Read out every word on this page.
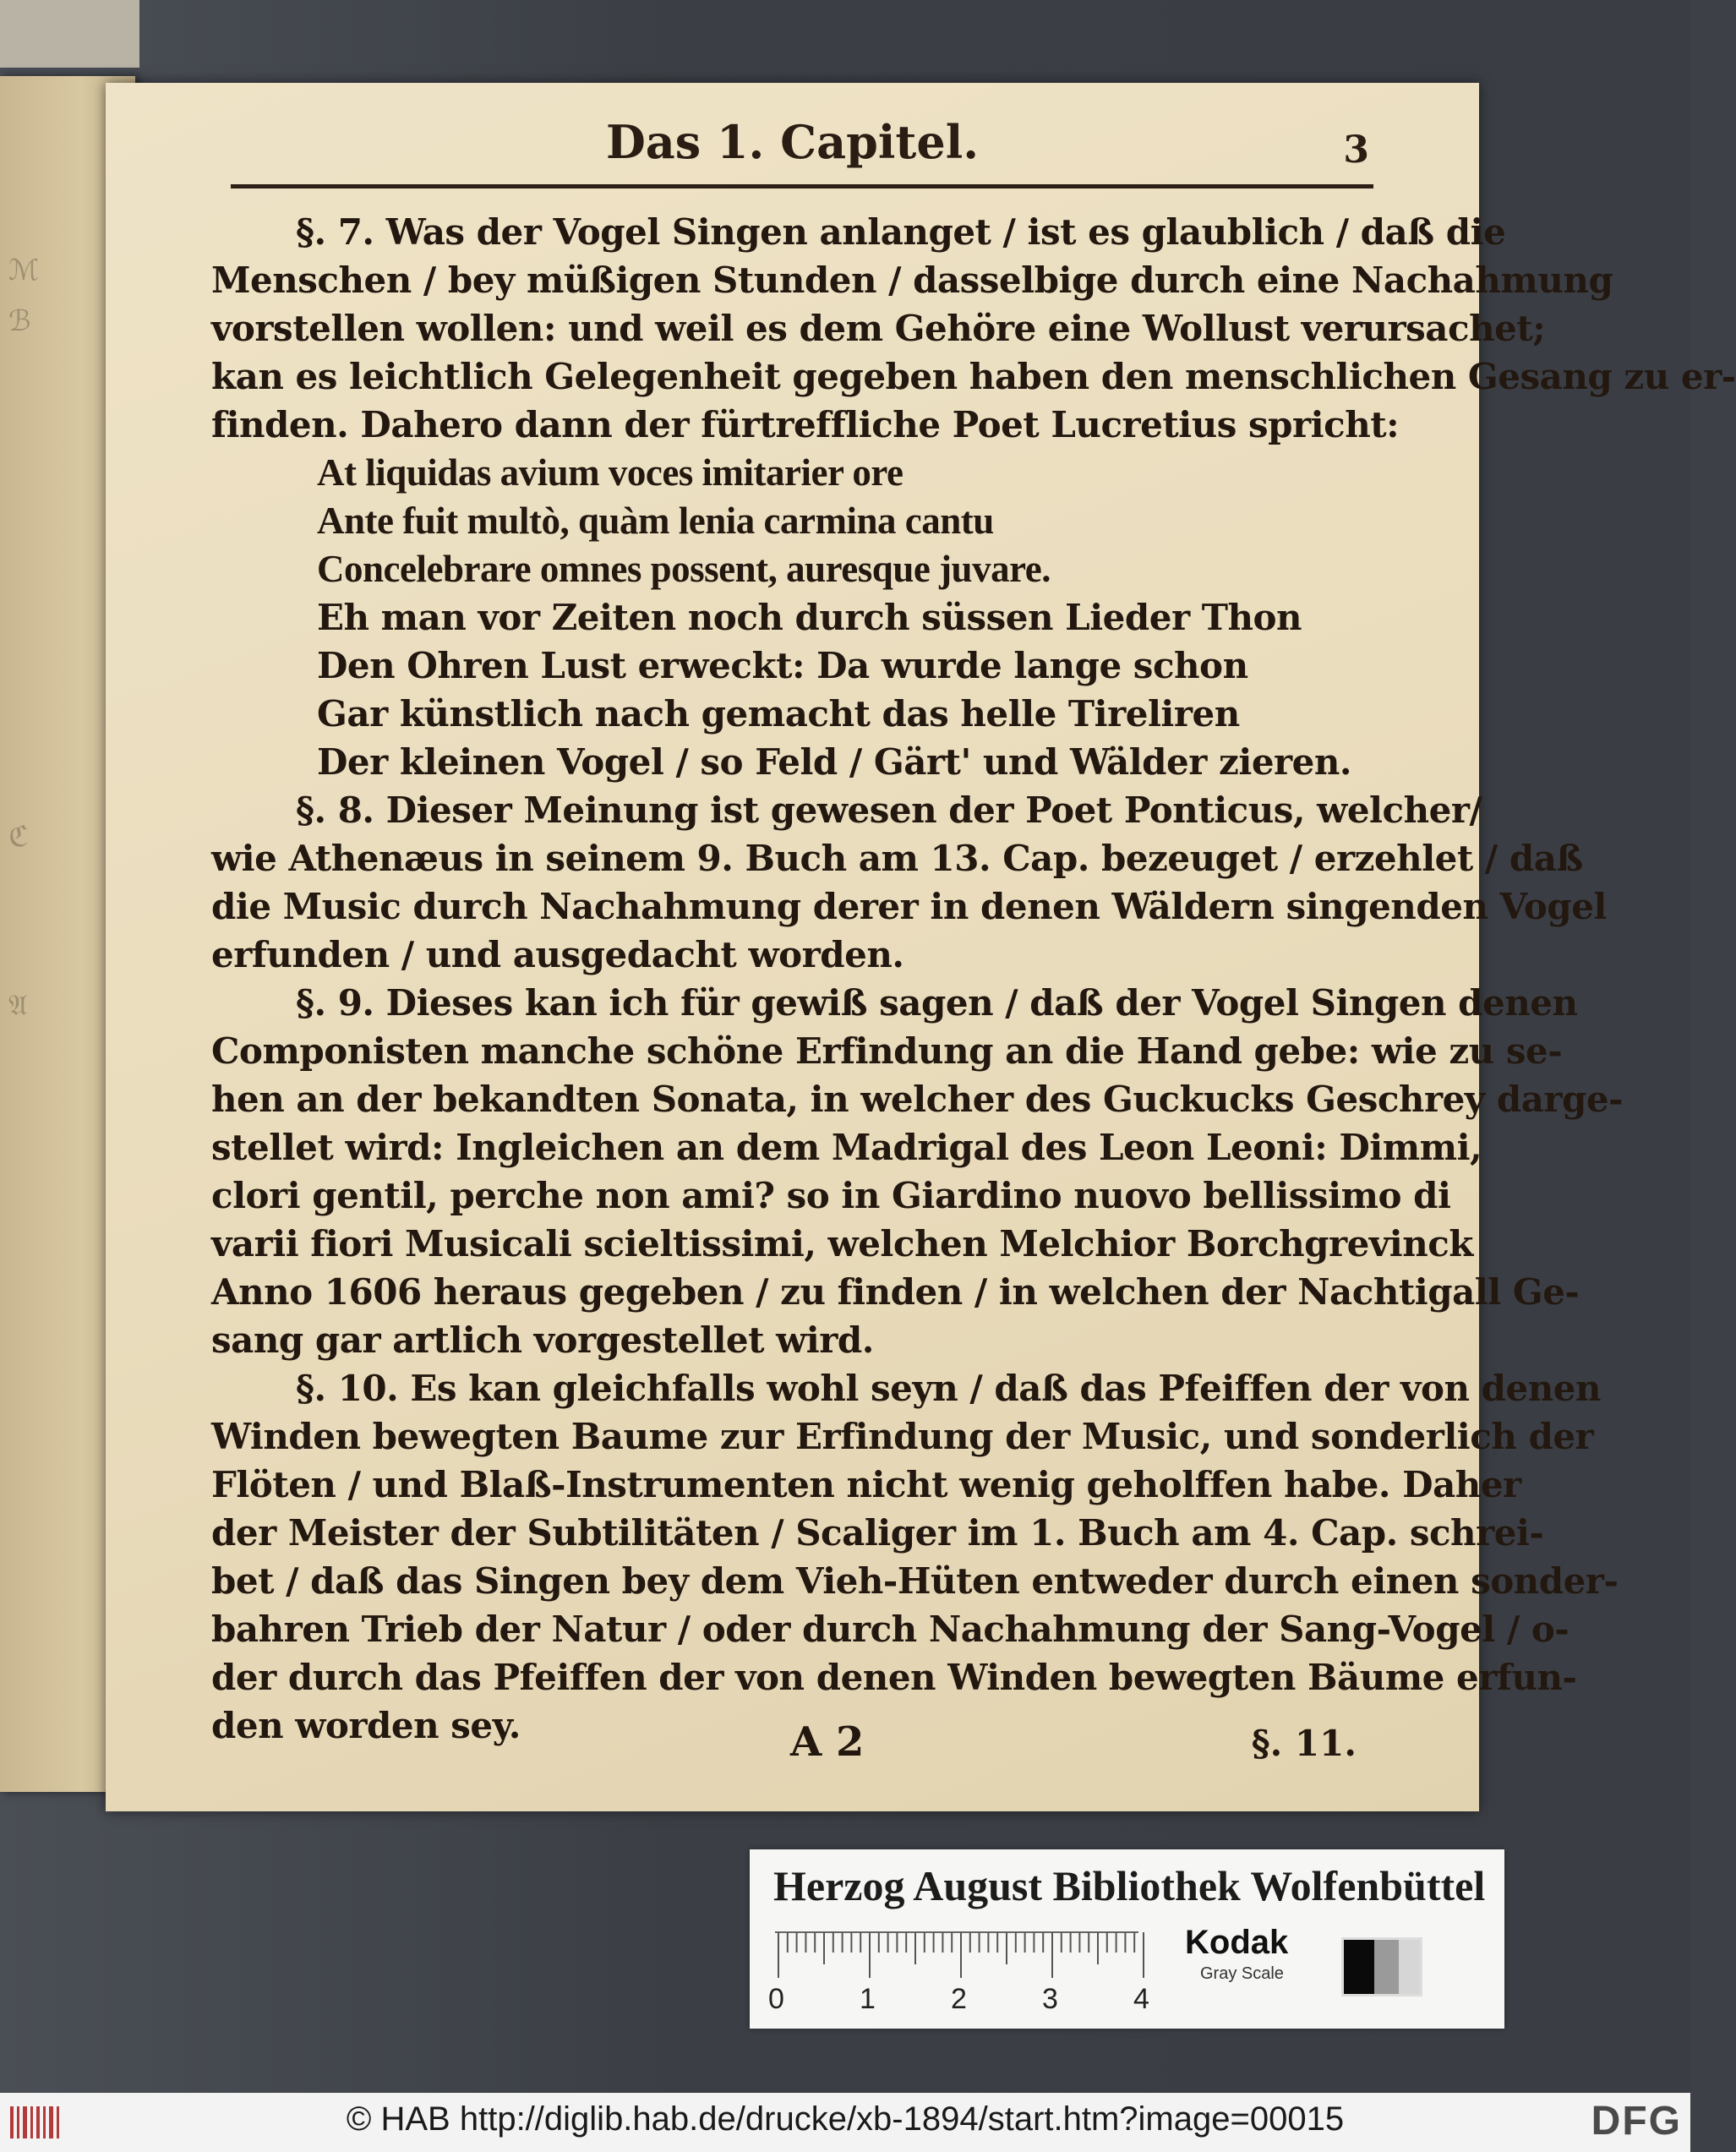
ℳ
ℬ
ℭ
𝔄
Das 1. Capitel.	3
§. 7. Was der Vogel Singen anlanget / ist es glaublich / daß die
Menschen / bey müßigen Stunden / dasselbige durch eine Nachahmung
vorstellen wollen: und weil es dem Gehöre eine Wollust verursachet;
kan es leichtlich Gelegenheit gegeben haben den menschlichen Gesang zu er-
finden. Dahero dann der fürtreffliche Poet Lucretius spricht:
At liquidas avium voces imitarier ore
Ante fuit multò, quàm lenia carmina cantu
Concelebrare omnes possent, auresque juvare.
Eh man vor Zeiten noch durch süssen Lieder Thon
Den Ohren Lust erweckt: Da wurde lange schon
Gar künstlich nach gemacht das helle Tireliren
Der kleinen Vogel / so Feld / Gärt' und Wälder zieren.
§. 8. Dieser Meinung ist gewesen der Poet Ponticus, welcher/
wie Athenæus in seinem 9. Buch am 13. Cap. bezeuget / erzehlet / daß
die Music durch Nachahmung derer in denen Wäldern singenden Vogel
erfunden / und ausgedacht worden.
§. 9. Dieses kan ich für gewiß sagen / daß der Vogel Singen denen
Componisten manche schöne Erfindung an die Hand gebe: wie zu se-
hen an der bekandten Sonata, in welcher des Guckucks Geschrey darge-
stellet wird: Ingleichen an dem Madrigal des Leon Leoni: Dimmi,
clori gentil, perche non ami? so in Giardino nuovo bellissimo di
varii fiori Musicali scieltissimi, welchen Melchior Borchgrevinck
Anno 1606 heraus gegeben / zu finden / in welchen der Nachtigall Ge-
sang gar artlich vorgestellet wird.
§. 10. Es kan gleichfalls wohl seyn / daß das Pfeiffen der von denen
Winden bewegten Baume zur Erfindung der Music, und sonderlich der
Flöten / und Blaß-Instrumenten nicht wenig geholffen habe. Daher
der Meister der Subtilitäten / Scaliger im 1. Buch am 4. Cap. schrei-
bet / daß das Singen bey dem Vieh-Hüten entweder durch einen sonder-
bahren Trieb der Natur / oder durch Nachahmung der Sang-Vogel / o-
der durch das Pfeiffen der von denen Winden bewegten Bäume erfun-
den worden sey.	A 2	§. 11.
Herzog August Bibliothek Wolfenbüttel
Kodak
Gray Scale
0	1	2	3	4
© HAB http://diglib.hab.de/drucke/xb-1894/start.htm?image=00015	DFG
